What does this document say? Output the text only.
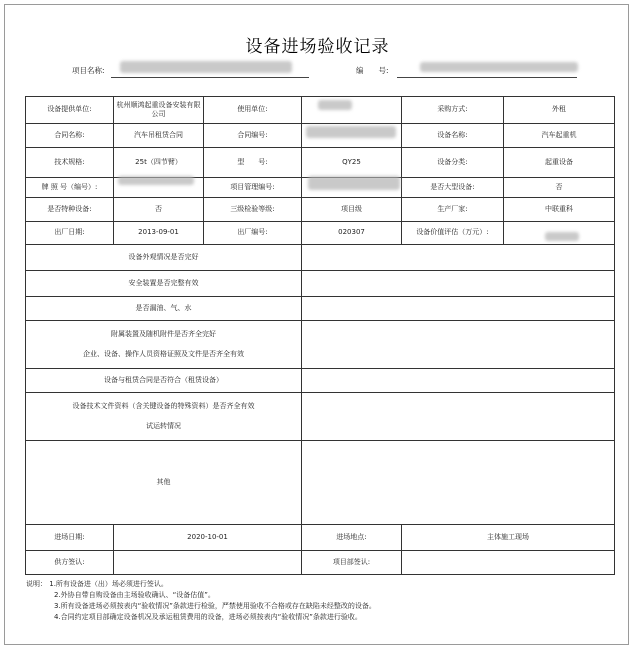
设备进场验收记录
项目名称:	编　　号:
设备提供单位:	杭州顺鸿起重设备安装有限公司	使用单位:		采购方式:	外租
合同名称:	汽车吊租赁合同	合同编号:		设备名称:	汽车起重机
技术规格:	25t（四节臂）	型　　号:	QY25	设备分类:	起重设备
牌 照 号（编号）:		项目管理编号:		是否大型设备:	否
是否特种设备:	否	三级检验等级:	项目级	生产厂家:	中联重科
出厂日期:	2013-09-01	出厂编号:	020307	设备价值评估（万元）:	
设备外观情况是否完好					
安全装置是否完整有效					
是否漏油、气、水					

附属装置及随机附件是否齐全完好
企业、设备、操作人员资格证照及文件是否齐全有效					

设备与租赁合同是否符合（租赁设备）					

设备技术文件资料（含关键设备的特殊资料）是否齐全有效
试运转情况					

其他					
进场日期:	2020-10-01		进场地点:	主体施工现场	
供方签认:			项目部签认:		
说明： 1.所有设备进（出）场必须进行签认。
2.外协自带自购设备由主场验收确认、“设备估值”。
3.所有设备进场必须按表内“验收情况”条款进行检验，严禁使用验收不合格或存在缺陷未经整改的设备。
4.合同约定项目部确定设备机况及承运租赁费用的设备，进场必须按表内“验收情况”条款进行验收。
